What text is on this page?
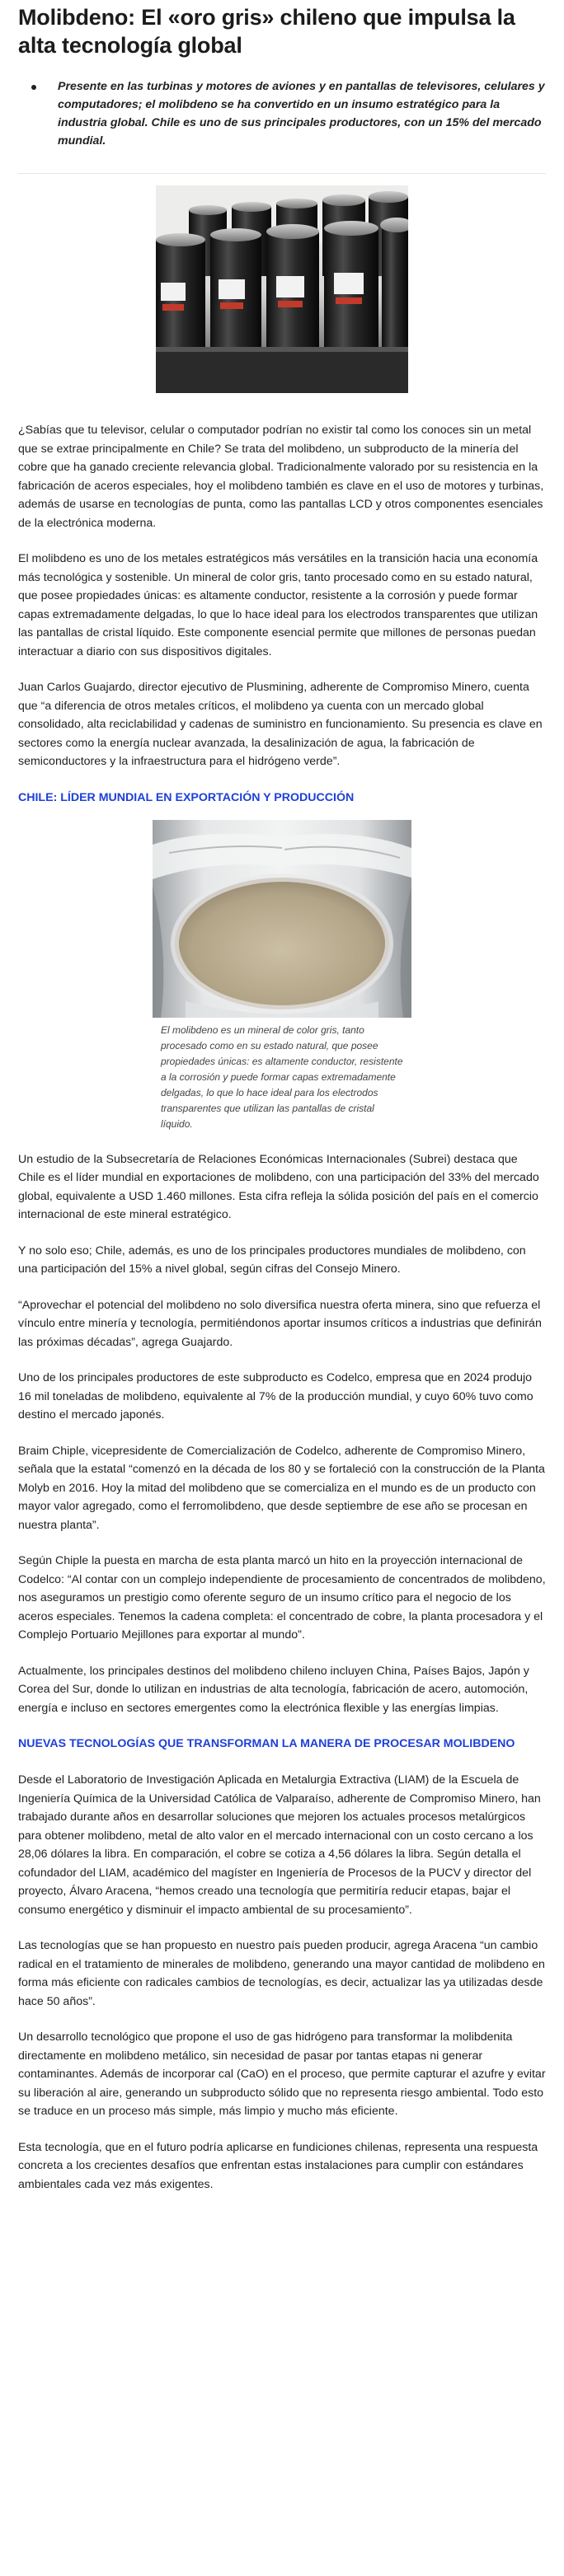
Molibdeno: El «oro gris» chileno que impulsa la alta tecnología global

Presente en las turbinas y motores de aviones y en pantallas de televisores, celulares y computadores; el molibdeno se ha convertido en un insumo estratégico para la industria global. Chile es uno de sus principales productores, con un 15% del mercado mundial.

¿Sabías que tu televisor, celular o computador podrían no existir tal como los conoces sin un metal que se extrae principalmente en Chile? Se trata del molibdeno, un subproducto de la minería del cobre que ha ganado creciente relevancia global. Tradicionalmente valorado por su resistencia en la fabricación de aceros especiales, hoy el molibdeno también es clave en el uso de motores y turbinas, además de usarse en tecnologías de punta, como las pantallas LCD y otros componentes esenciales de la electrónica moderna.

El molibdeno es uno de los metales estratégicos más versátiles en la transición hacia una economía más tecnológica y sostenible. Un mineral de color gris, tanto procesado como en su estado natural, que posee propiedades únicas: es altamente conductor, resistente a la corrosión y puede formar capas extremadamente delgadas, lo que lo hace ideal para los electrodos transparentes que utilizan las pantallas de cristal líquido. Este componente esencial permite que millones de personas puedan interactuar a diario con sus dispositivos digitales.

Juan Carlos Guajardo, director ejecutivo de Plusmining, adherente de Compromiso Minero, cuenta que “a diferencia de otros metales críticos, el molibdeno ya cuenta con un mercado global consolidado, alta reciclabilidad y cadenas de suministro en funcionamiento. Su presencia es clave en sectores como la energía nuclear avanzada, la desalinización de agua, la fabricación de semiconductores y la infraestructura para el hidrógeno verde”.

CHILE: LÍDER MUNDIAL EN EXPORTACIÓN Y PRODUCCIÓN
El molibdeno es un mineral de color gris, tanto procesado como en su estado natural, que posee propiedades únicas: es altamente conductor, resistente a la corrosión y puede formar capas extremadamente delgadas, lo que lo hace ideal para los electrodos transparentes que utilizan las pantallas de cristal líquido.

Un estudio de la Subsecretaría de Relaciones Económicas Internacionales (Subrei) destaca que Chile es el líder mundial en exportaciones de molibdeno, con una participación del 33% del mercado global, equivalente a USD 1.460 millones. Esta cifra refleja la sólida posición del país en el comercio internacional de este mineral estratégico.

Y no solo eso; Chile, además, es uno de los principales productores mundiales de molibdeno, con una participación del 15% a nivel global, según cifras del Consejo Minero.

“Aprovechar el potencial del molibdeno no solo diversifica nuestra oferta minera, sino que refuerza el vínculo entre minería y tecnología, permitiéndonos aportar insumos críticos a industrias que definirán las próximas décadas”, agrega Guajardo.

Uno de los principales productores de este subproducto es Codelco, empresa que en 2024 produjo 16 mil toneladas de molibdeno, equivalente al 7% de la producción mundial, y cuyo 60% tuvo como destino el mercado japonés.

Braim Chiple, vicepresidente de Comercialización de Codelco, adherente de Compromiso Minero, señala que la estatal “comenzó en la década de los 80 y se fortaleció con la construcción de la Planta Molyb en 2016. Hoy la mitad del molibdeno que se comercializa en el mundo es de un producto con mayor valor agregado, como el ferromolibdeno, que desde septiembre de ese año se procesan en nuestra planta”.

Según Chiple la puesta en marcha de esta planta marcó un hito en la proyección internacional de Codelco: “Al contar con un complejo independiente de procesamiento de concentrados de molibdeno, nos aseguramos un prestigio como oferente seguro de un insumo crítico para el negocio de los aceros especiales. Tenemos la cadena completa: el concentrado de cobre, la planta procesadora y el Complejo Portuario Mejillones para exportar al mundo”.

Actualmente, los principales destinos del molibdeno chileno incluyen China, Países Bajos, Japón y Corea del Sur, donde lo utilizan en industrias de alta tecnología, fabricación de acero, automoción, energía e incluso en sectores emergentes como la electrónica flexible y las energías limpias.

NUEVAS TECNOLOGÍAS QUE TRANSFORMAN LA MANERA DE PROCESAR MOLIBDENO

Desde el Laboratorio de Investigación Aplicada en Metalurgia Extractiva (LIAM) de la Escuela de Ingeniería Química de la Universidad Católica de Valparaíso, adherente de Compromiso Minero, han trabajado durante años en desarrollar soluciones que mejoren los actuales procesos metalúrgicos para obtener molibdeno, metal de alto valor en el mercado internacional con un costo cercano a los 28,06 dólares la libra. En comparación, el cobre se cotiza a 4,56 dólares la libra. Según detalla el cofundador del LIAM, académico del magíster en Ingeniería de Procesos de la PUCV y director del proyecto, Álvaro Aracena, “hemos creado una tecnología que permitiría reducir etapas, bajar el consumo energético y disminuir el impacto ambiental de su procesamiento”.

Las tecnologías que se han propuesto en nuestro país pueden producir, agrega Aracena “un cambio radical en el tratamiento de minerales de molibdeno, generando una mayor cantidad de molibdeno en forma más eficiente con radicales cambios de tecnologías, es decir, actualizar las ya utilizadas desde hace 50 años”.

Un desarrollo tecnológico que propone el uso de gas hidrógeno para transformar la molibdenita directamente en molibdeno metálico, sin necesidad de pasar por tantas etapas ni generar contaminantes. Además de incorporar cal (CaO) en el proceso, que permite capturar el azufre y evitar su liberación al aire, generando un subproducto sólido que no representa riesgo ambiental. Todo esto se traduce en un proceso más simple, más limpio y mucho más eficiente.

Esta tecnología, que en el futuro podría aplicarse en fundiciones chilenas, representa una respuesta concreta a los crecientes desafíos que enfrentan estas instalaciones para cumplir con estándares ambientales cada vez más exigentes.
